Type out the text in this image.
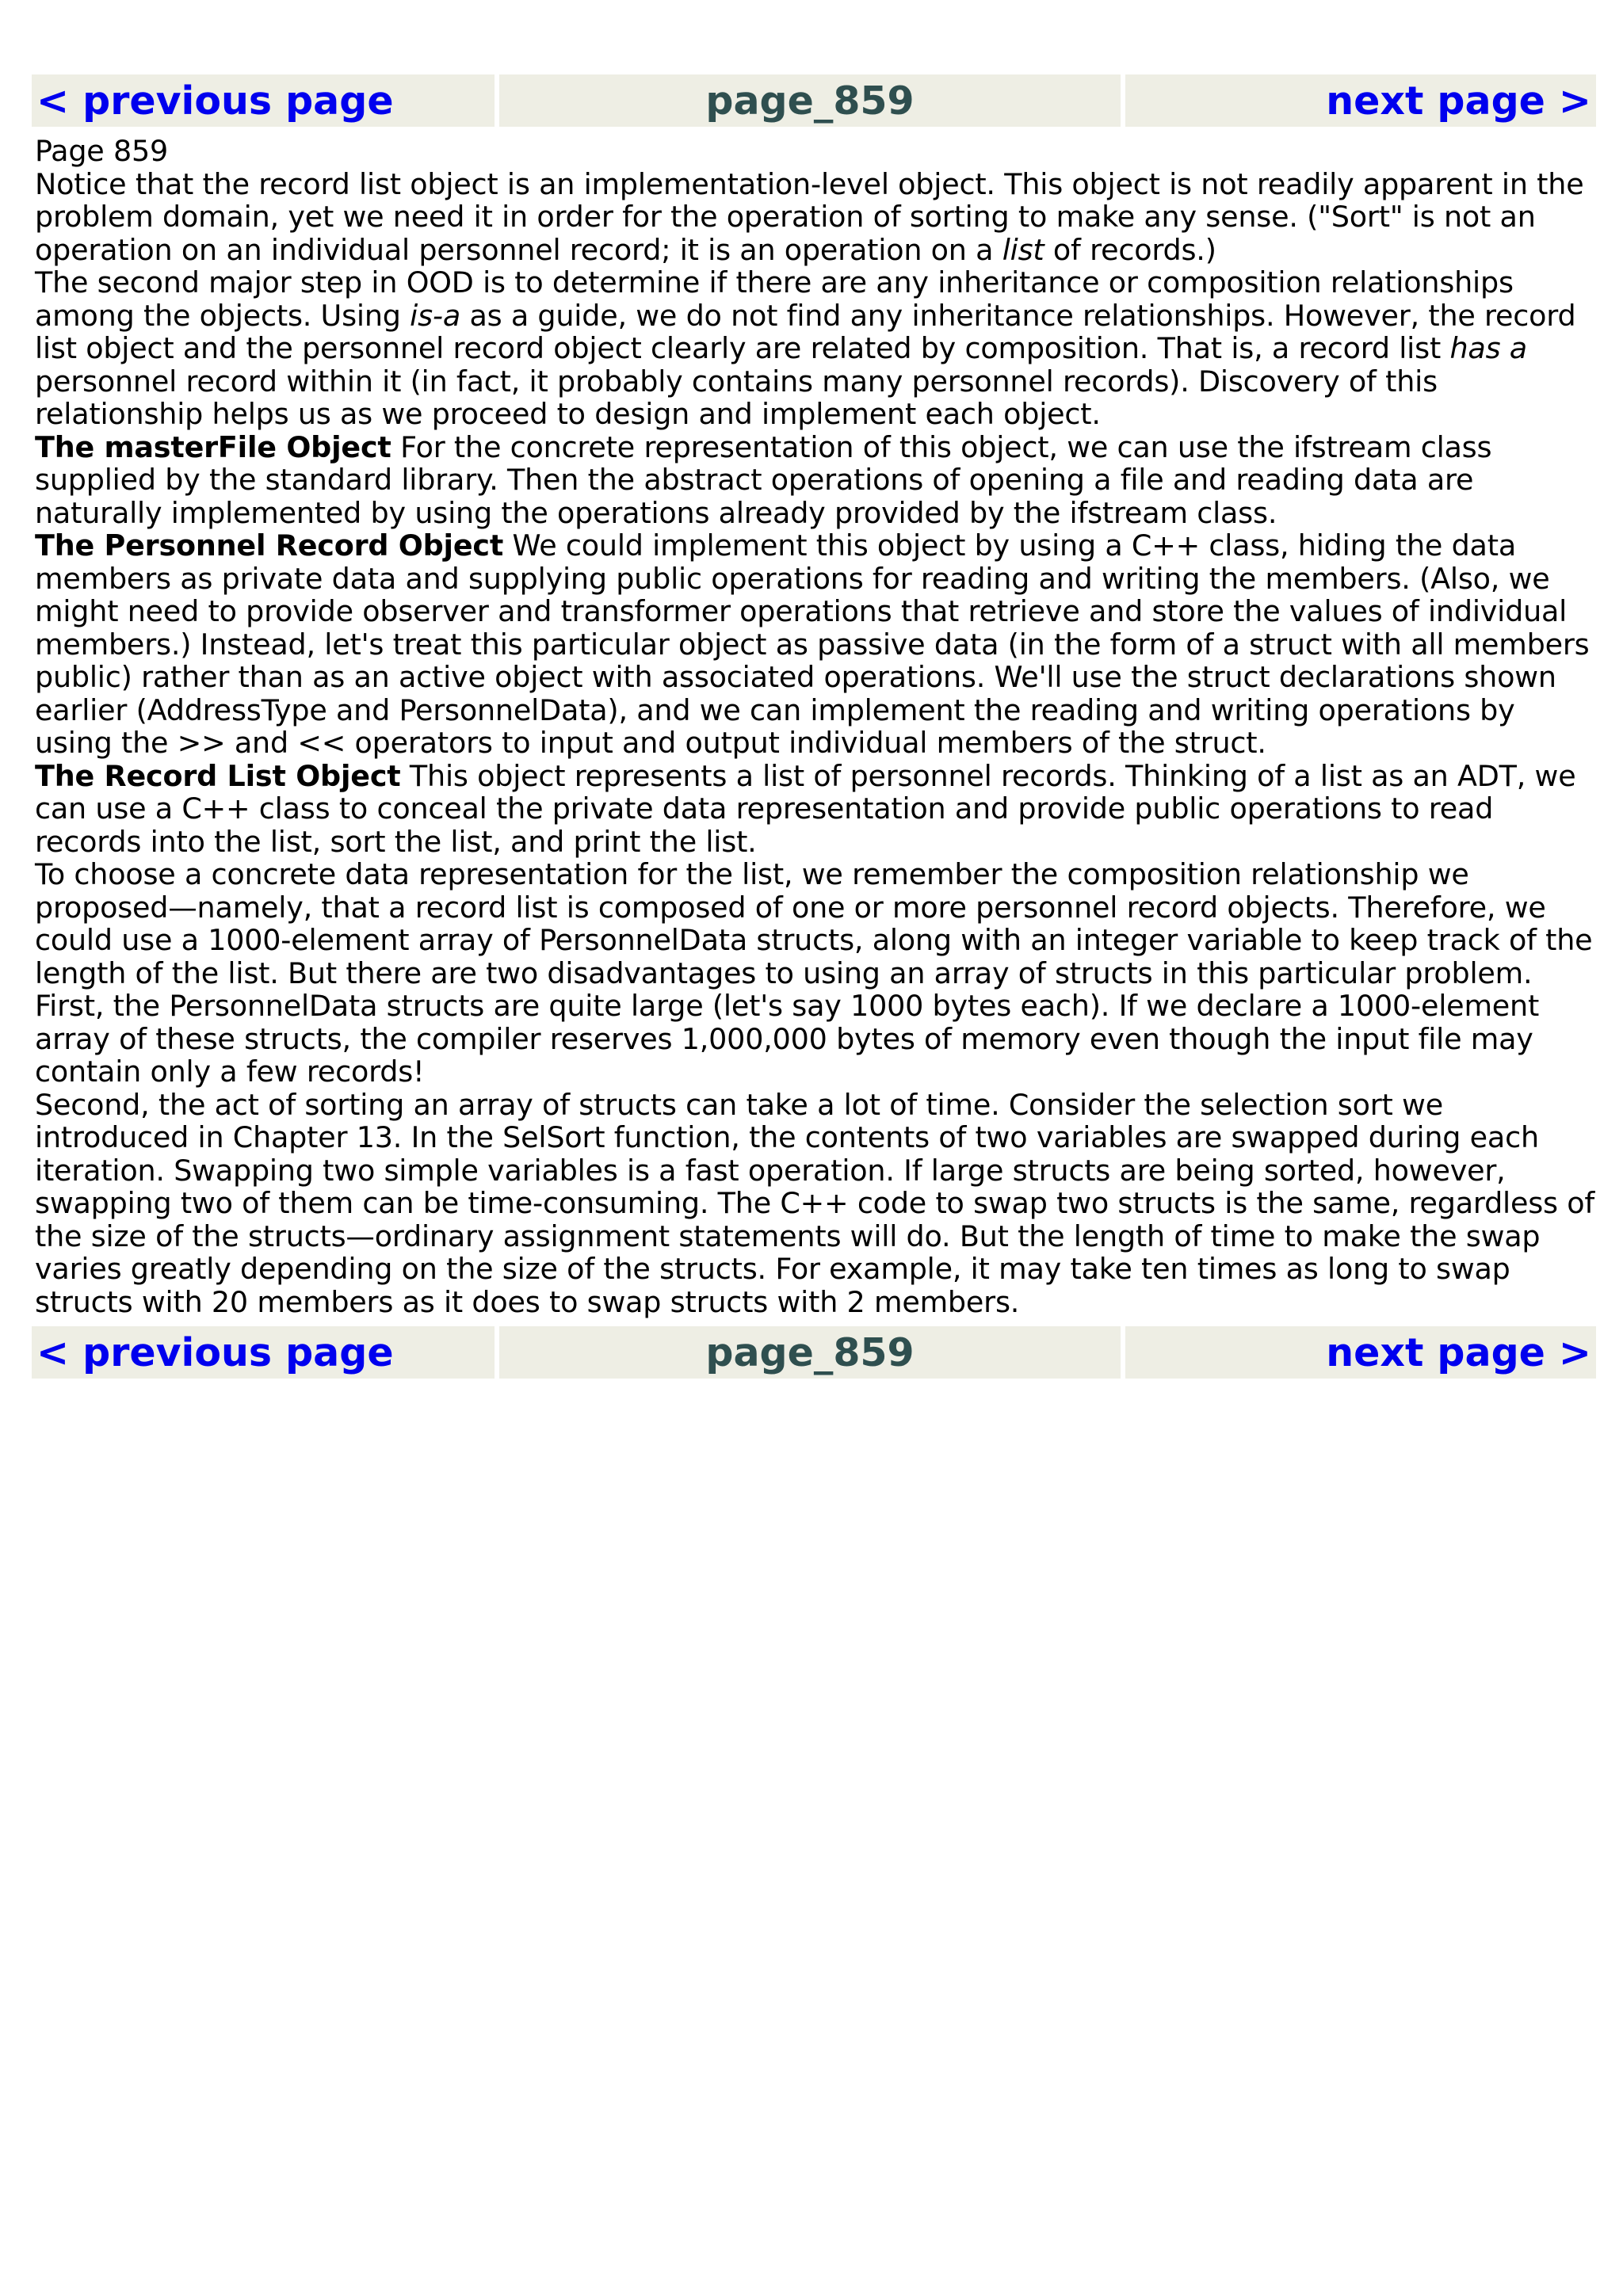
< previous page	page_859	next page >

Page 859

Notice that the record list object is an implementation-level object. This object is not readily apparent in the problem domain, yet we need it in order for the operation of sorting to make any sense. ("Sort" is not an operation on an individual personnel record; it is an operation on a list of records.)

The second major step in OOD is to determine if there are any inheritance or composition relationships among the objects. Using is-a as a guide, we do not find any inheritance relationships. However, the record list object and the personnel record object clearly are related by composition. That is, a record list has a personnel record within it (in fact, it probably contains many personnel records). Discovery of this relationship helps us as we proceed to design and implement each object.

The masterFile Object For the concrete representation of this object, we can use the ifstream class supplied by the standard library. Then the abstract operations of opening a file and reading data are naturally implemented by using the operations already provided by the ifstream class.

The Personnel Record Object We could implement this object by using a C++ class, hiding the data members as private data and supplying public operations for reading and writing the members. (Also, we might need to provide observer and transformer operations that retrieve and store the values of individual members.) Instead, let's treat this particular object as passive data (in the form of a struct with all members public) rather than as an active object with associated operations. We'll use the struct declarations shown earlier (AddressType and PersonnelData), and we can implement the reading and writing operations by using the >> and << operators to input and output individual members of the struct.

The Record List Object This object represents a list of personnel records. Thinking of a list as an ADT, we can use a C++ class to conceal the private data representation and provide public operations to read records into the list, sort the list, and print the list.

To choose a concrete data representation for the list, we remember the composition relationship we proposed—namely, that a record list is composed of one or more personnel record objects. Therefore, we could use a 1000-element array of PersonnelData structs, along with an integer variable to keep track of the length of the list. But there are two disadvantages to using an array of structs in this particular problem.

First, the PersonnelData structs are quite large (let's say 1000 bytes each). If we declare a 1000-element array of these structs, the compiler reserves 1,000,000 bytes of memory even though the input file may contain only a few records!

Second, the act of sorting an array of structs can take a lot of time. Consider the selection sort we introduced in Chapter 13. In the SelSort function, the contents of two variables are swapped during each iteration. Swapping two simple variables is a fast operation. If large structs are being sorted, however, swapping two of them can be time-consuming. The C++ code to swap two structs is the same, regardless of the size of the structs—ordinary assignment statements will do. But the length of time to make the swap varies greatly depending on the size of the structs. For example, it may take ten times as long to swap structs with 20 members as it does to swap structs with 2 members.

< previous page	page_859	next page >
